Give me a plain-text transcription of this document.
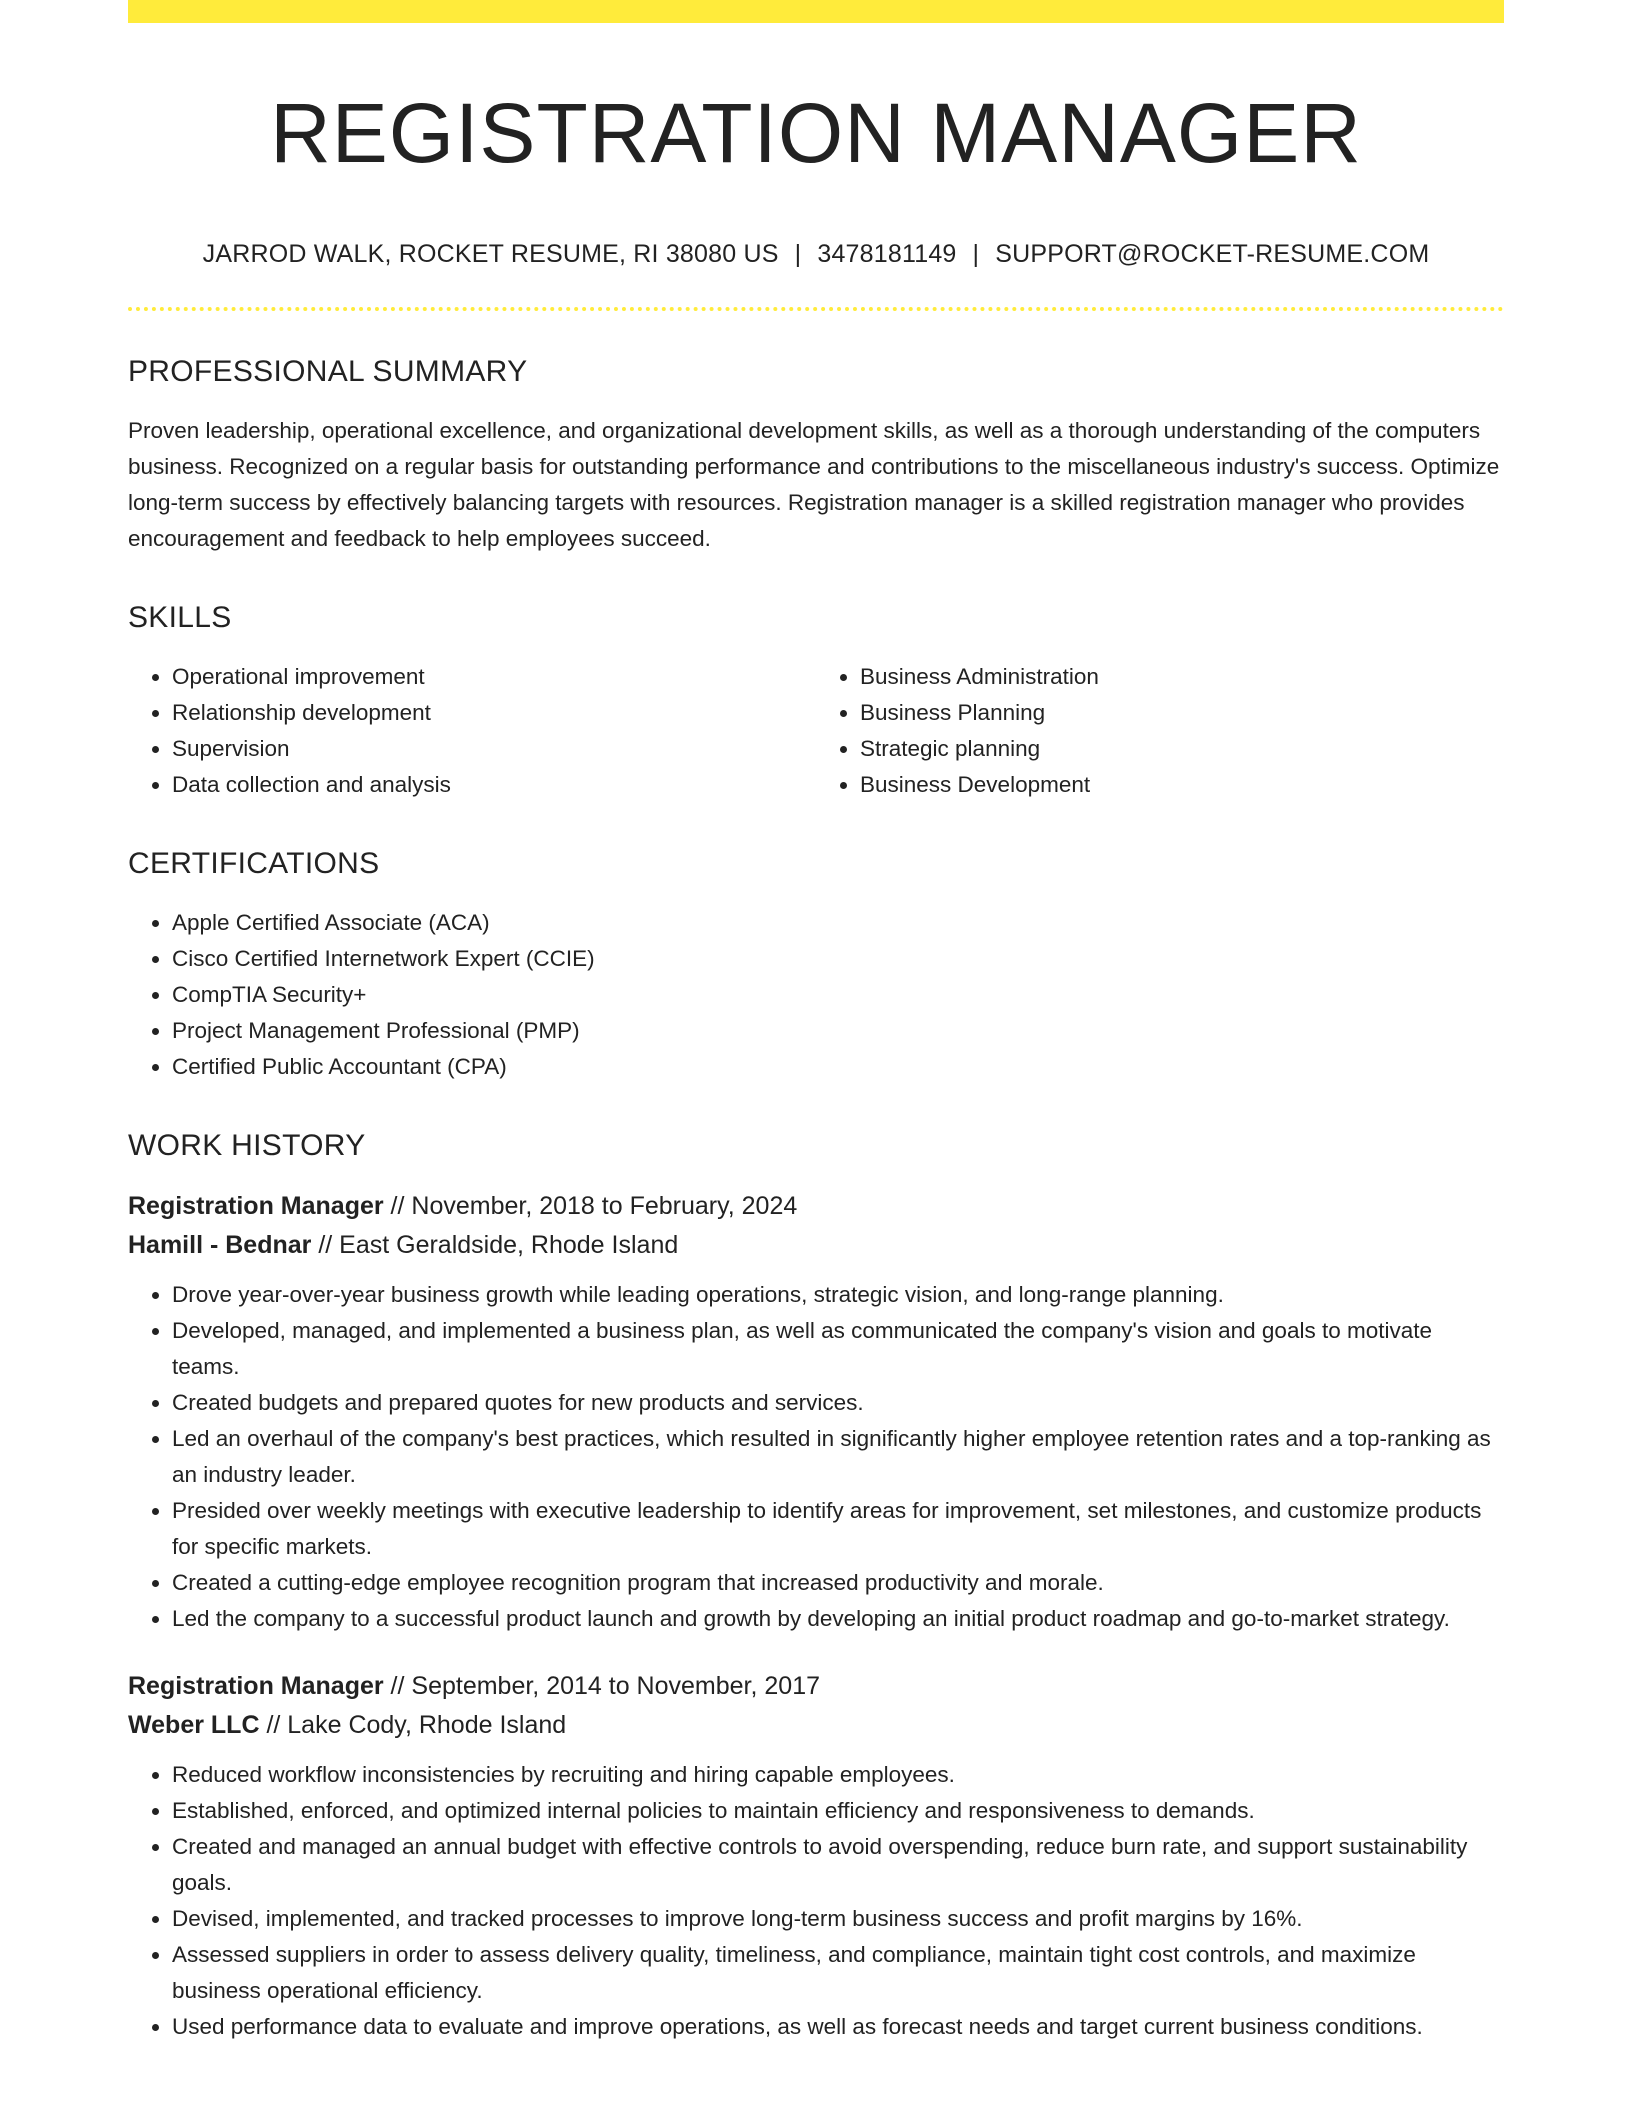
REGISTRATION MANAGER
JARROD WALK, ROCKET RESUME, RI 38080 US | 3478181149 | SUPPORT@ROCKET-RESUME.COM
PROFESSIONAL SUMMARY

Proven leadership, operational excellence, and organizational development skills, as well as a thorough understanding of the computers business. Recognized on a regular basis for outstanding performance and contributions to the miscellaneous industry's success. Optimize long-term success by effectively balancing targets with resources. Registration manager is a skilled registration manager who provides encouragement and feedback to help employees succeed.

SKILLS
• Operational improvement
• Relationship development
• Supervision
• Data collection and analysis
• Business Administration
• Business Planning
• Strategic planning
• Business Development
CERTIFICATIONS
• Apple Certified Associate (ACA)
• Cisco Certified Internetwork Expert (CCIE)
• CompTIA Security+
• Project Management Professional (PMP)
• Certified Public Accountant (CPA)
WORK HISTORY

Registration Manager // November, 2018 to February, 2024

Hamill - Bednar // East Geraldside, Rhode Island

• Drove year-over-year business growth while leading operations, strategic vision, and long-range planning.
• Developed, managed, and implemented a business plan, as well as communicated the company's vision and goals to motivate teams.
• Created budgets and prepared quotes for new products and services.
• Led an overhaul of the company's best practices, which resulted in significantly higher employee retention rates and a top-ranking as an industry leader.
• Presided over weekly meetings with executive leadership to identify areas for improvement, set milestones, and customize products for specific markets.
• Created a cutting-edge employee recognition program that increased productivity and morale.
• Led the company to a successful product launch and growth by developing an initial product roadmap and go-to-market strategy.

Registration Manager // September, 2014 to November, 2017

Weber LLC // Lake Cody, Rhode Island

• Reduced workflow inconsistencies by recruiting and hiring capable employees.
• Established, enforced, and optimized internal policies to maintain efficiency and responsiveness to demands.
• Created and managed an annual budget with effective controls to avoid overspending, reduce burn rate, and support sustainability goals.
• Devised, implemented, and tracked processes to improve long-term business success and profit margins by 16%.
• Assessed suppliers in order to assess delivery quality, timeliness, and compliance, maintain tight cost controls, and maximize business operational efficiency.
• Used performance data to evaluate and improve operations, as well as forecast needs and target current business conditions.
